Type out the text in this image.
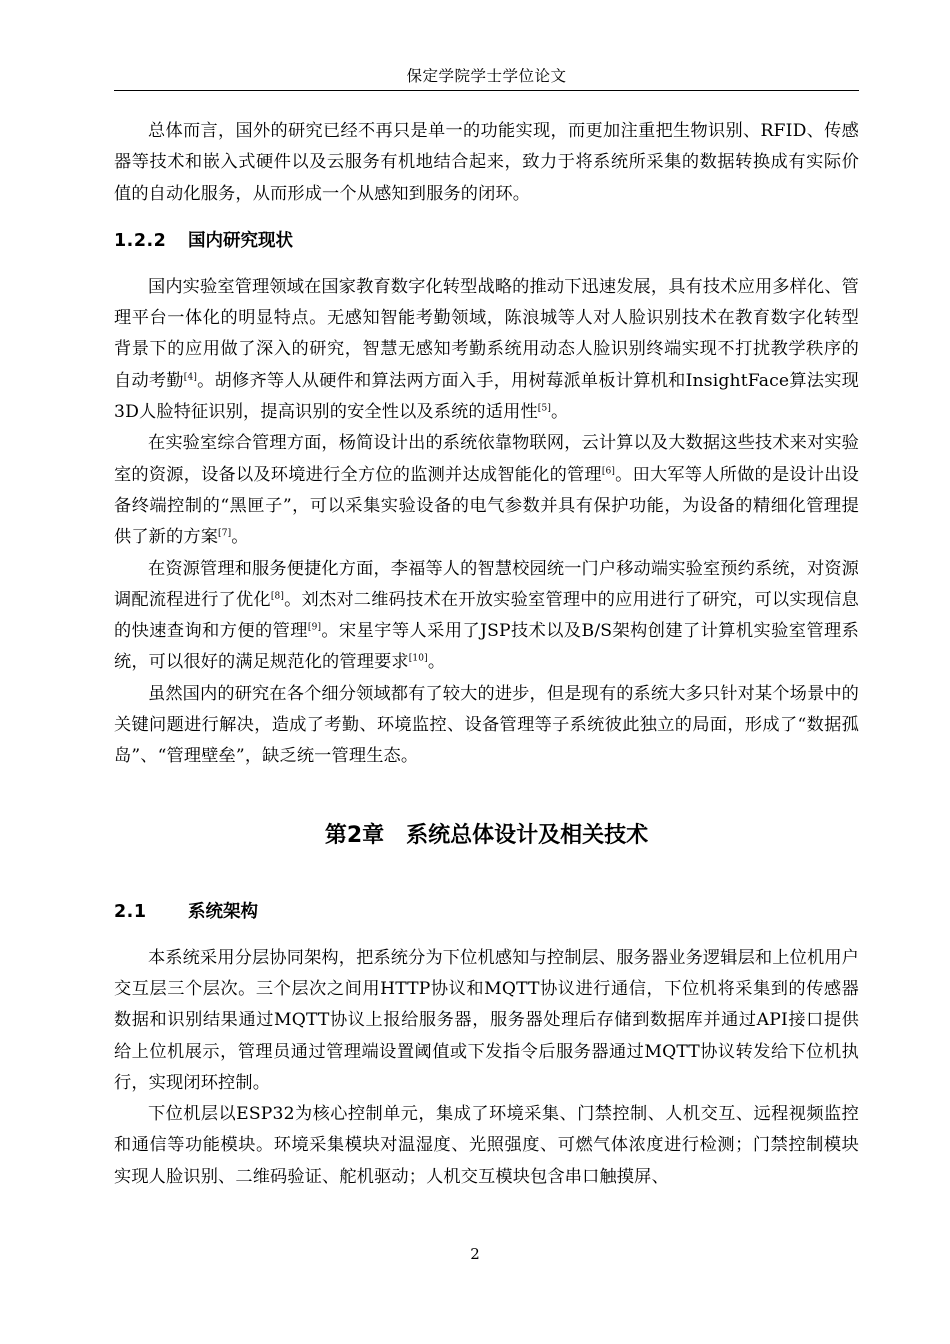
保定学院学士学位论文

总体而言，国外的研究已经不再只是单一的功能实现，而更加注重把生物识别、RFID、传感器等技术和嵌入式硬件以及云服务有机地结合起来，致力于将系统所采集的数据转换成有实际价值的自动化服务，从而形成一个从感知到服务的闭环。

1.2.2 国内研究现状

国内实验室管理领域在国家教育数字化转型战略的推动下迅速发展，具有技术应用多样化、管理平台一体化的明显特点。无感知智能考勤领域，陈浪城等人对人脸识别技术在教育数字化转型背景下的应用做了深入的研究，智慧无感知考勤系统用动态人脸识别终端实现不打扰教学秩序的自动考勤[4]。胡修齐等人从硬件和算法两方面入手，用树莓派单板计算机和InsightFace算法实现3D人脸特征识别，提高识别的安全性以及系统的适用性[5]。

在实验室综合管理方面，杨简设计出的系统依靠物联网，云计算以及大数据这些技术来对实验室的资源，设备以及环境进行全方位的监测并达成智能化的管理[6]。田大军等人所做的是设计出设备终端控制的“黑匣子”，可以采集实验设备的电气参数并具有保护功能，为设备的精细化管理提供了新的方案[7]。

在资源管理和服务便捷化方面，李福等人的智慧校园统一门户移动端实验室预约系统，对资源调配流程进行了优化[8]。刘杰对二维码技术在开放实验室管理中的应用进行了研究，可以实现信息的快速查询和方便的管理[9]。宋星宇等人采用了JSP技术以及B/S架构创建了计算机实验室管理系统，可以很好的满足规范化的管理要求[10]。

虽然国内的研究在各个细分领域都有了较大的进步，但是现有的系统大多只针对某个场景中的关键问题进行解决，造成了考勤、环境监控、设备管理等子系统彼此独立的局面，形成了“数据孤岛”、“管理壁垒”，缺乏统一管理生态。

第2章 系统总体设计及相关技术
2.1 系统架构

本系统采用分层协同架构，把系统分为下位机感知与控制层、服务器业务逻辑层和上位机用户交互层三个层次。三个层次之间用HTTP协议和MQTT协议进行通信，下位机将采集到的传感器数据和识别结果通过MQTT协议上报给服务器，服务器处理后存储到数据库并通过API接口提供给上位机展示，管理员通过管理端设置阈值或下发指令后服务器通过MQTT协议转发给下位机执行，实现闭环控制。

下位机层以ESP32为核心控制单元，集成了环境采集、门禁控制、人机交互、远程视频监控和通信等功能模块。环境采集模块对温湿度、光照强度、可燃气体浓度进行检测；门禁控制模块实现人脸识别、二维码验证、舵机驱动；人机交互模块包含串口触摸屏、

2
